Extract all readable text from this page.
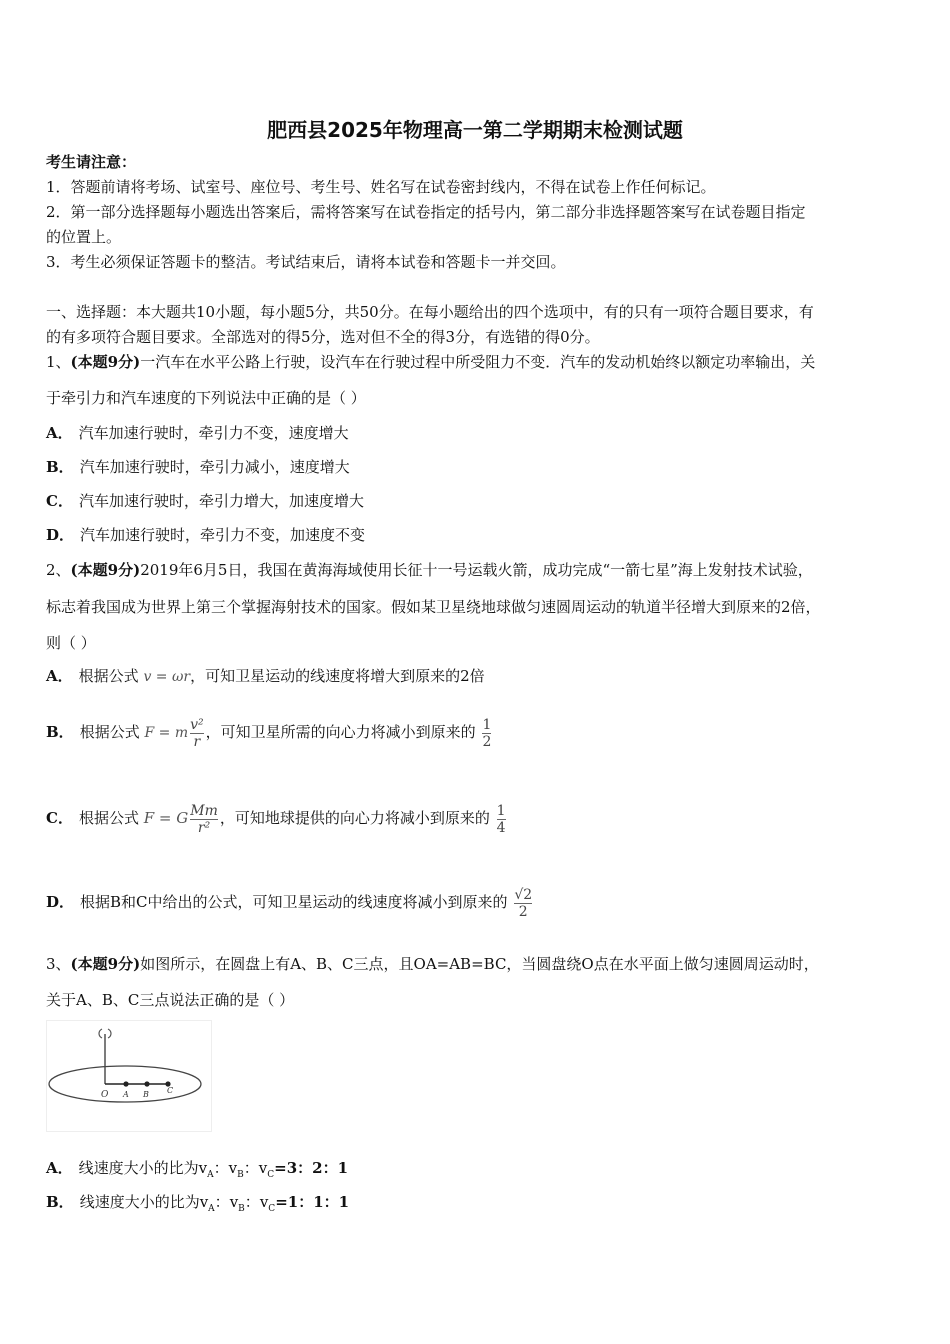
肥西县2025年物理高一第二学期期末检测试题
考生请注意：
1．答题前请将考场、试室号、座位号、考生号、姓名写在试卷密封线内，不得在试卷上作任何标记。
2．第一部分选择题每小题选出答案后，需将答案写在试卷指定的括号内，第二部分非选择题答案写在试卷题目指定
的位置上。
3．考生必须保证答题卡的整洁。考试结束后，请将本试卷和答题卡一并交回。
一、选择题：本大题共10小题，每小题5分，共50分。在每小题给出的四个选项中，有的只有一项符合题目要求，有
的有多项符合题目要求。全部选对的得5分，选对但不全的得3分，有选错的得0分。
1、(本题9分)一汽车在水平公路上行驶，设汽车在行驶过程中所受阻力不变．汽车的发动机始终以额定功率输出，关
于牵引力和汽车速度的下列说法中正确的是（ ）
A． 汽车加速行驶时，牵引力不变，速度增大
B． 汽车加速行驶时，牵引力减小，速度增大
C． 汽车加速行驶时，牵引力增大，加速度增大
D． 汽车加速行驶时，牵引力不变，加速度不变
2、(本题9分)2019年6月5日，我国在黄海海域使用长征十一号运载火箭，成功完成“一箭七星”海上发射技术试验，
标志着我国成为世界上第三个掌握海射技术的国家。假如某卫星绕地球做匀速圆周运动的轨道半径增大到原来的2倍，
则（ ）
A． 根据公式 v = ωr，可知卫星运动的线速度将增大到原来的2倍
B． 根据公式 F = m $\frac{\text{v²}}{r}$ ，可知卫星所需的向心力将减小到原来的 $\frac{1}{2}$
C． 根据公式 F = G $\frac{Mm}{\text{r²}}$ ，可知地球提供的向心力将减小到原来的 $\frac{1}{4}$
D． 根据B和C中给出的公式，可知卫星运动的线速度将减小到原来的 $\frac{√2}{2}$
3、(本题9分)如图所示，在圆盘上有A、B、C三点，且OA=AB=BC，当圆盘绕O点在水平面上做匀速圆周运动时，
关于A、B、C三点说法正确的是（ ）
O A B C
A． 线速度大小的比为$v_A$：$v_B$：$v_C=3$：2：1
B． 线速度大小的比为$v_A$：$v_B$：$v_C=1$：1：1
